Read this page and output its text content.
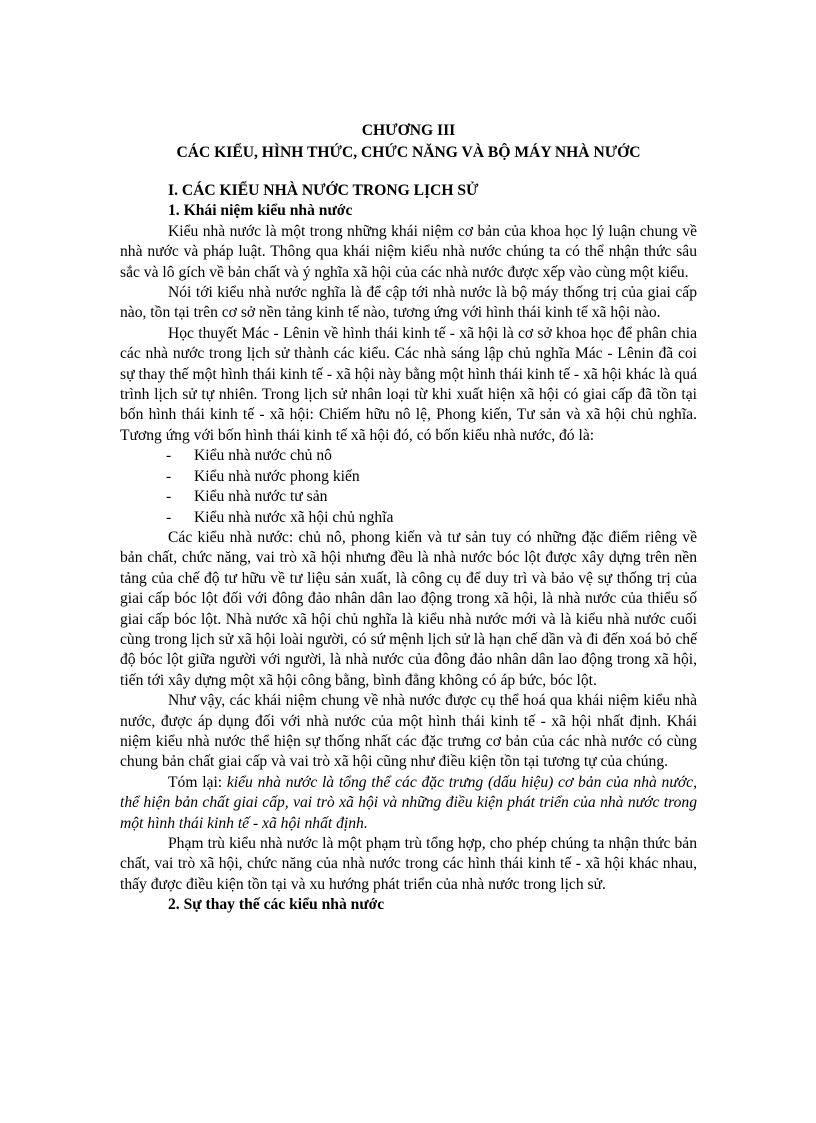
CHƯƠNG III
CÁC KIỂU, HÌNH THỨC, CHỨC NĂNG VÀ BỘ MÁY NHÀ NƯỚC
I. CÁC KIỂU NHÀ NƯỚC TRONG LỊCH SỬ
1. Khái niệm kiểu nhà nước

Kiểu nhà nước là một trong những khái niệm cơ bản của khoa học lý luận chung về nhà nước và pháp luật. Thông qua khái niệm kiểu nhà nước chúng ta có thể nhận thức sâu sắc và lô gích về bản chất và ý nghĩa xã hội của các nhà nước được xếp vào cùng một kiểu.

Nói tới kiểu nhà nước nghĩa là để cập tới nhà nước là bộ máy thống trị của giai cấp nào, tồn tại trên cơ sở nền tảng kinh tế nào, tương ứng với hình thái kinh tế xã hội nào.

Học thuyết Mác - Lênin về hình thái kinh tế - xã hội là cơ sở khoa học để phân chia các nhà nước trong lịch sử thành các kiểu. Các nhà sáng lập chủ nghĩa Mác - Lênin đã coi sự thay thế một hình thái kinh tế - xã hội này bằng một hình thái kinh tế - xã hội khác là quá trình lịch sử tự nhiên. Trong lịch sử nhân loại từ khi xuất hiện xã hội có giai cấp đã tồn tại bốn hình thái kinh tế - xã hội: Chiếm hữu nô lệ, Phong kiến, Tư sản và xã hội chủ nghĩa. Tương ứng với bốn hình thái kinh tế xã hội đó, có bốn kiểu nhà nước, đó là:

- Kiểu nhà nước chủ nô
- Kiểu nhà nước phong kiến
- Kiểu nhà nước tư sản
- Kiểu nhà nước xã hội chủ nghĩa

Các kiểu nhà nước: chủ nô, phong kiến và tư sản tuy có những đặc điểm riêng về bản chất, chức năng, vai trò xã hội nhưng đều là nhà nước bóc lột được xây dựng trên nền tảng của chế độ tư hữu về tư liệu sản xuất, là công cụ để duy trì và bảo vệ sự thống trị của giai cấp bóc lột đối với đông đảo nhân dân lao động trong xã hội, là nhà nước của thiểu số giai cấp bóc lột. Nhà nước xã hội chủ nghĩa là kiểu nhà nước mới và là kiểu nhà nước cuối cùng trong lịch sử xã hội loài người, có sứ mệnh lịch sử là hạn chế dần và đi đến xoá bỏ chế độ bóc lột giữa người với người, là nhà nước của đông đảo nhân dân lao động trong xã hội, tiến tới xây dựng một xã hội công bằng, bình đẳng không có áp bức, bóc lột.

Như vậy, các khái niệm chung về nhà nước được cụ thể hoá qua khái niệm kiểu nhà nước, được áp dụng đối với nhà nước của một hình thái kinh tế - xã hội nhất định. Khái niệm kiểu nhà nước thể hiện sự thống nhất các đặc trưng cơ bản của các nhà nước có cùng chung bản chất giai cấp và vai trò xã hội cũng như điều kiện tồn tại tương tự của chúng.

Tóm lại: kiểu nhà nước là tổng thể các đặc trưng (dấu hiệu) cơ bản của nhà nước, thể hiện bản chất giai cấp, vai trò xã hội và những điều kiện phát triển của nhà nước trong một hình thái kinh tế - xã hội nhất định.

Phạm trù kiểu nhà nước là một phạm trù tổng hợp, cho phép chúng ta nhận thức bản chất, vai trò xã hội, chức năng của nhà nước trong các hình thái kinh tế - xã hội khác nhau, thấy được điều kiện tồn tại và xu hướng phát triển của nhà nước trong lịch sử.

2. Sự thay thế các kiểu nhà nước
